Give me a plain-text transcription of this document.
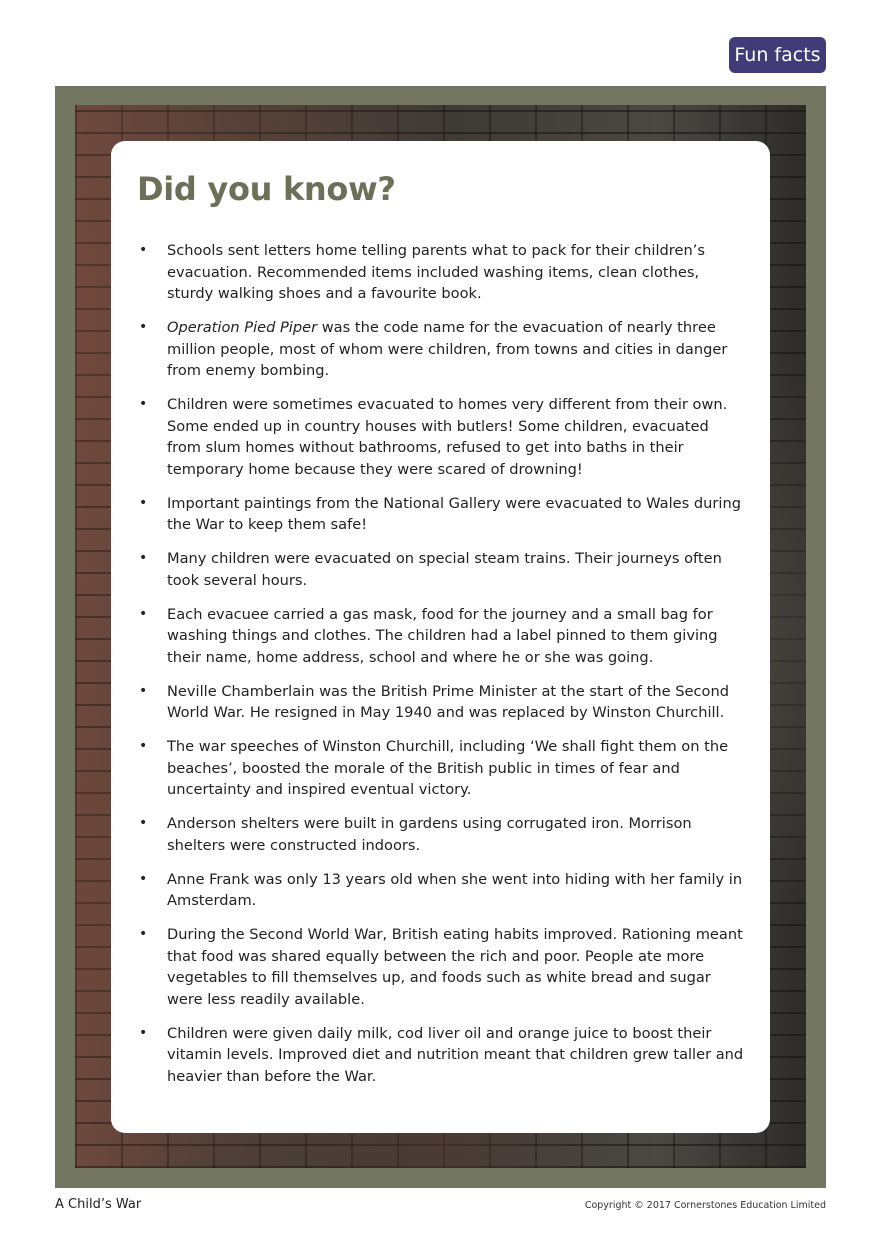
Fun facts
Did you know?
• Schools sent letters home telling parents what to pack for their children’s evacuation. Recommended items included washing items, clean clothes, sturdy walking shoes and a favourite book.
• Operation Pied Piper was the code name for the evacuation of nearly three million people, most of whom were children, from towns and cities in danger from enemy bombing.
• Children were sometimes evacuated to homes very different from their own. Some ended up in country houses with butlers! Some children, evacuated from slum homes without bathrooms, refused to get into baths in their temporary home because they were scared of drowning!
• Important paintings from the National Gallery were evacuated to Wales during the War to keep them safe!
• Many children were evacuated on special steam trains. Their journeys often took several hours.
• Each evacuee carried a gas mask, food for the journey and a small bag for washing things and clothes. The children had a label pinned to them giving their name, home address, school and where he or she was going.
• Neville Chamberlain was the British Prime Minister at the start of the Second World War. He resigned in May 1940 and was replaced by Winston Churchill.
• The war speeches of Winston Churchill, including ‘We shall fight them on the beaches’, boosted the morale of the British public in times of fear and uncertainty and inspired eventual victory.
• Anderson shelters were built in gardens using corrugated iron. Morrison shelters were constructed indoors.
• Anne Frank was only 13 years old when she went into hiding with her family in Amsterdam.
• During the Second World War, British eating habits improved. Rationing meant that food was shared equally between the rich and poor. People ate more vegetables to fill themselves up, and foods such as white bread and sugar were less readily available.
• Children were given daily milk, cod liver oil and orange juice to boost their vitamin levels. Improved diet and nutrition meant that children grew taller and heavier than before the War.
A Child’s War	Copyright © 2017 Cornerstones Education Limited
